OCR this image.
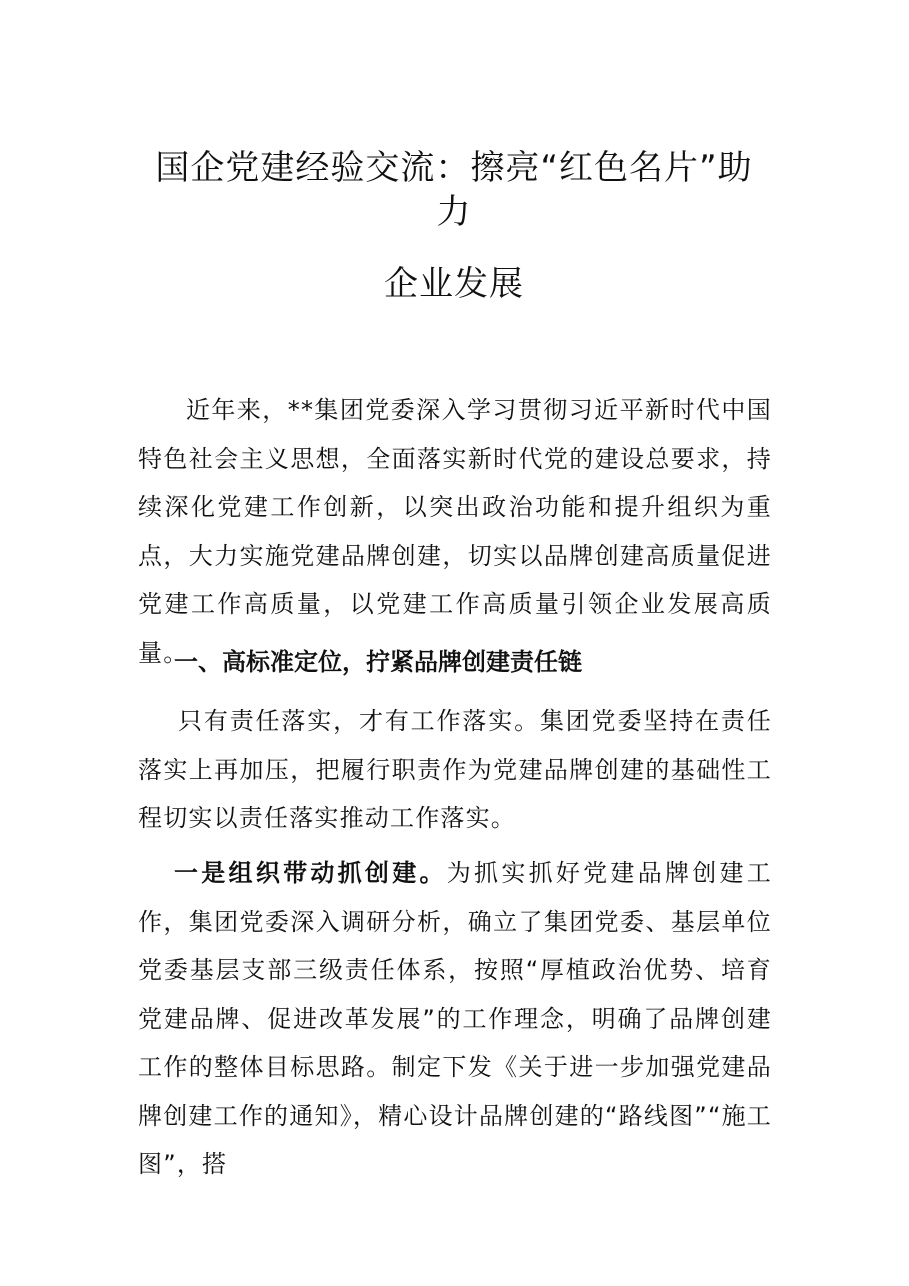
国企党建经验交流：擦亮“红色名片”助力
企业发展

近年来，**集团党委深入学习贯彻习近平新时代中国特色社会主义思想，全面落实新时代党的建设总要求，持续深化党建工作创新，以突出政治功能和提升组织为重点，大力实施党建品牌创建，切实以品牌创建高质量促进党建工作高质量，以党建工作高质量引领企业发展高质量。

一、高标准定位，拧紧品牌创建责任链

只有责任落实，才有工作落实。集团党委坚持在责任落实上再加压，把履行职责作为党建品牌创建的基础性工程切实以责任落实推动工作落实。

一是组织带动抓创建。为抓实抓好党建品牌创建工作，集团党委深入调研分析，确立了集团党委、基层单位党委基层支部三级责任体系，按照“厚植政治优势、培育党建品牌、促进改革发展”的工作理念，明确了品牌创建工作的整体目标思路。制定下发《关于进一步加强党建品牌创建工作的通知》，精心设计品牌创建的“路线图”“施工图”，搭
